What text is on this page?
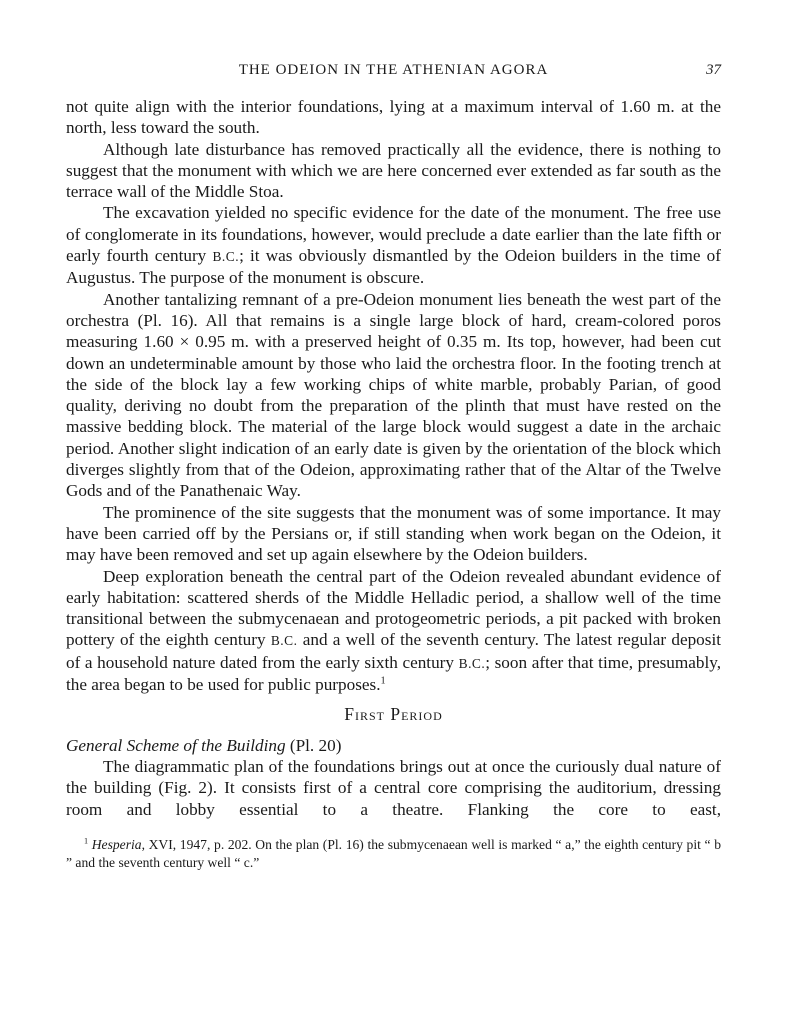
THE ODEION IN THE ATHENIAN AGORA	37

not quite align with the interior foundations, lying at a maximum interval of 1.60 m. at the north, less toward the south.

Although late disturbance has removed practically all the evidence, there is nothing to suggest that the monument with which we are here concerned ever extended as far south as the terrace wall of the Middle Stoa.

The excavation yielded no specific evidence for the date of the monument. The free use of conglomerate in its foundations, however, would preclude a date earlier than the late fifth or early fourth century B.C.; it was obviously dismantled by the Odeion builders in the time of Augustus. The purpose of the monument is obscure.

Another tantalizing remnant of a pre-Odeion monument lies beneath the west part of the orchestra (Pl. 16). All that remains is a single large block of hard, cream-colored poros measuring 1.60 × 0.95 m. with a preserved height of 0.35 m. Its top, however, had been cut down an undeterminable amount by those who laid the orchestra floor. In the footing trench at the side of the block lay a few working chips of white marble, probably Parian, of good quality, deriving no doubt from the preparation of the plinth that must have rested on the massive bedding block. The material of the large block would suggest a date in the archaic period. Another slight indication of an early date is given by the orientation of the block which diverges slightly from that of the Odeion, approximating rather that of the Altar of the Twelve Gods and of the Panathenaic Way.

The prominence of the site suggests that the monument was of some importance. It may have been carried off by the Persians or, if still standing when work began on the Odeion, it may have been removed and set up again elsewhere by the Odeion builders.

Deep exploration beneath the central part of the Odeion revealed abundant evidence of early habitation: scattered sherds of the Middle Helladic period, a shallow well of the time transitional between the submycenaean and protogeometric periods, a pit packed with broken pottery of the eighth century B.C. and a well of the seventh century. The latest regular deposit of a household nature dated from the early sixth century B.C.; soon after that time, presumably, the area began to be used for public purposes.$^1$

First Period

General Scheme of the Building (Pl. 20)

The diagrammatic plan of the foundations brings out at once the curiously dual nature of the building (Fig. 2). It consists first of a central core comprising the auditorium, dressing room and lobby essential to a theatre. Flanking the core to east,

$^1$ Hesperia, XVI, 1947, p. 202. On the plan (Pl. 16) the submycenaean well is marked “ a,” the eighth century pit “ b ” and the seventh century well “ c.”
